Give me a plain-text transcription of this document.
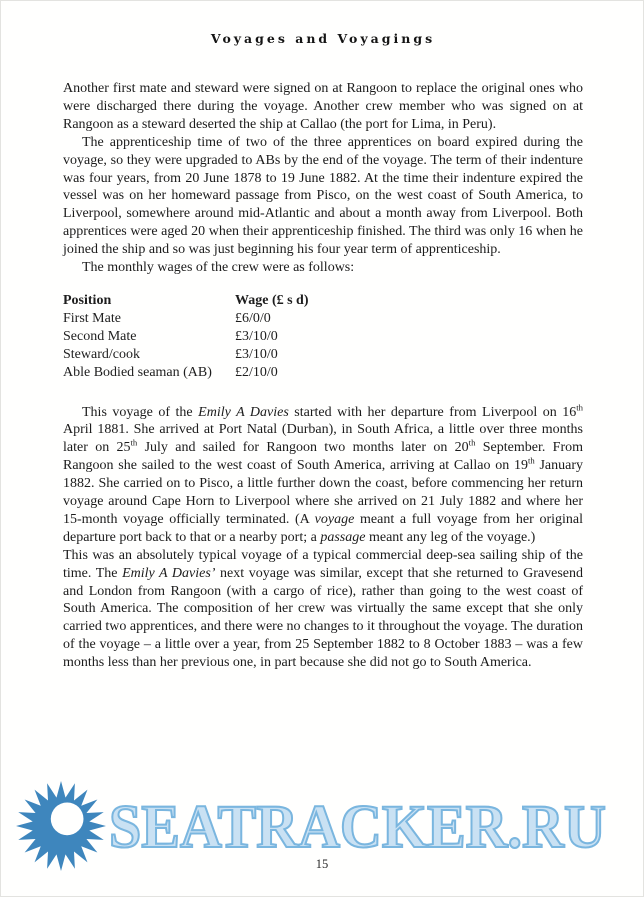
Voyages and Voyagings

Another first mate and steward were signed on at Rangoon to replace the original ones who were discharged there during the voyage. Another crew member who was signed on at Rangoon as a steward deserted the ship at Callao (the port for Lima, in Peru).

The apprenticeship time of two of the three apprentices on board expired during the voyage, so they were upgraded to ABs by the end of the voyage. The term of their indenture was four years, from 20 June 1878 to 19 June 1882. At the time their indenture expired the vessel was on her homeward passage from Pisco, on the west coast of South America, to Liverpool, somewhere around mid-Atlantic and about a month away from Liverpool. Both apprentices were aged 20 when their apprenticeship finished. The third was only 16 when he joined the ship and so was just beginning his four year term of apprenticeship.

The monthly wages of the crew were as follows:

Position	Wage (£ s d)
First Mate	£6/0/0
Second Mate	£3/10/0
Steward/cook	£3/10/0
Able Bodied seaman (AB)	£2/10/0

This voyage of the Emily A Davies started with her departure from Liverpool on 16th April 1881. She arrived at Port Natal (Durban), in South Africa, a little over three months later on 25th July and sailed for Rangoon two months later on 20th September. From Rangoon she sailed to the west coast of South America, arriving at Callao on 19th January 1882. She carried on to Pisco, a little further down the coast, before commencing her return voyage around Cape Horn to Liverpool where she arrived on 21 July 1882 and where her 15-month voyage officially terminated. (A voyage meant a full voyage from her original departure port back to that or a nearby port; a passage meant any leg of the voyage.)

This was an absolutely typical voyage of a typical commercial deep-sea sailing ship of the time. The Emily A Davies’ next voyage was similar, except that she returned to Gravesend and London from Rangoon (with a cargo of rice), rather than going to the west coast of South America. The composition of her crew was virtually the same except that she only carried two apprentices, and there were no changes to it throughout the voyage. The duration of the voyage – a little over a year, from 25 September 1882 to 8 October 1883 – was a few months less than her previous one, in part because she did not go to South America.

SEATRACKER.RU
15
